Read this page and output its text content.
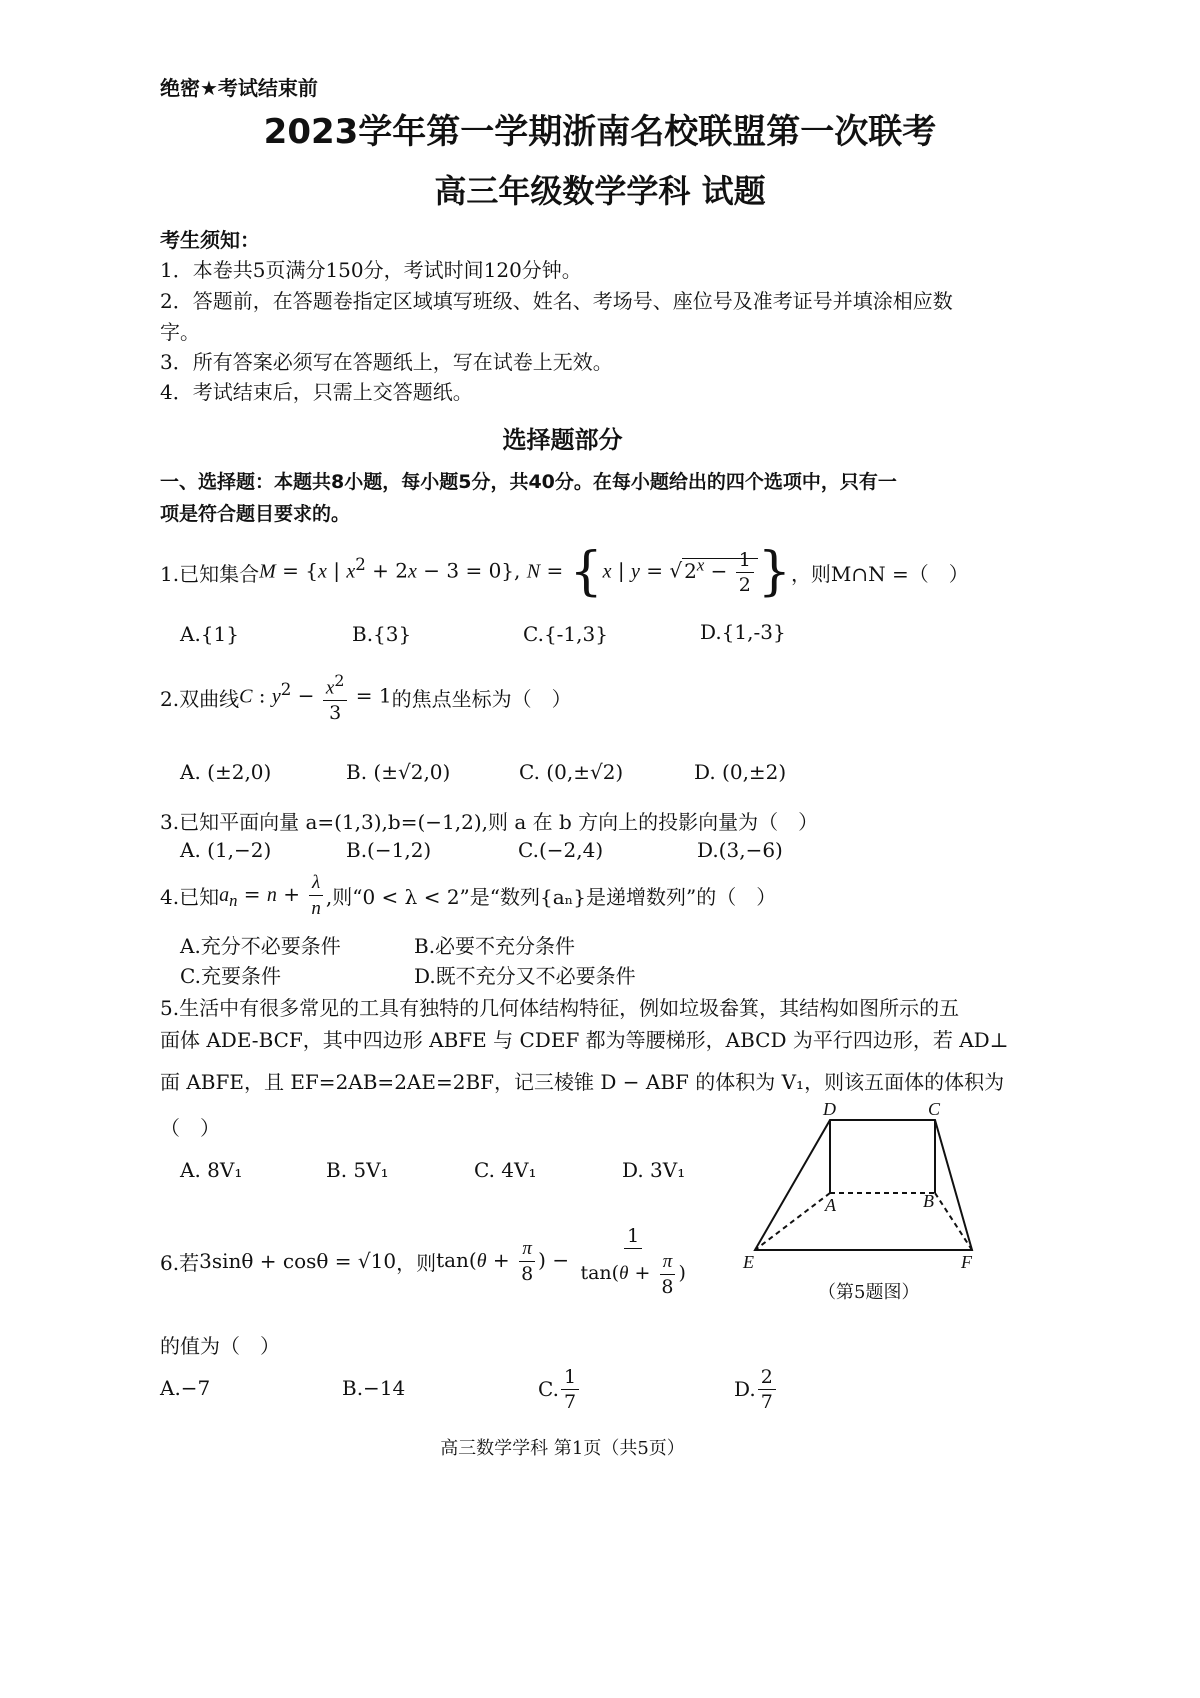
绝密★考试结束前
2023学年第一学期浙南名校联盟第一次联考
高三年级数学学科 试题
考生须知：
1．本卷共5页满分150分，考试时间120分钟。
2．答题前，在答题卷指定区域填写班级、姓名、考场号、座位号及准考证号并填涂相应数
字。
3．所有答案必须写在答题纸上，写在试卷上无效。
4．考试结束后，只需上交答题纸。
选择题部分
一、选择题：本题共8小题，每小题5分，共40分。在每小题给出的四个选项中，只有一
项是符合题目要求的。
1.已知集合 M = {x | $x^2 + 2x - 3 = 0$}, N = {x | y = √ $2^x - \frac{1}{2}$ } ，则M∩N =（　）
A.{1}	B.{3}	C.{-1,3}	D.{1,-3}
2.双曲线 C : $y^2 - \frac{x^2}{3} = 1$ 的焦点坐标为（　）
A. (±2,0)	B. (±√2,0)	C. (0,±√2)	D. (0,±2)
3.已知平面向量 a=(1,3),b=(−1,2),则 a 在 b 方向上的投影向量为（　）
A. (1,−2)	B.(−1,2)	C.(−2,4)	D.(3,−6)
4.已知 $a_n = n + \frac{\lambda}{n}$ ,则“0 < λ < 2”是“数列{aₙ}是递增数列”的（　）
A.充分不必要条件	B.必要不充分条件
C.充要条件	D.既不充分又不必要条件
5.生活中有很多常见的工具有独特的几何体结构特征，例如垃圾畚箕，其结构如图所示的五
面体 ADE-BCF，其中四边形 ABFE 与 CDEF 都为等腰梯形，ABCD 为平行四边形，若 AD⊥
面 ABFE，且 EF=2AB=2AE=2BF，记三棱锥 D − ABF 的体积为 V₁，则该五面体的体积为
（　）
A. 8V₁	B. 5V₁	C. 4V₁	D. 3V₁
D	C
A	B
E	F
（第5题图）
6.若 3sinθ + cosθ = √10 ，则 $\tan(\theta + \frac{\pi}{8}$ ) − $\frac{1}{\tan(\theta + \frac{\pi}{8} )}$
的值为（　）
A.−7	B.−14	C. $\frac{1}{7}$	D. $\frac{2}{7}$
高三数学学科 第1页（共5页）
